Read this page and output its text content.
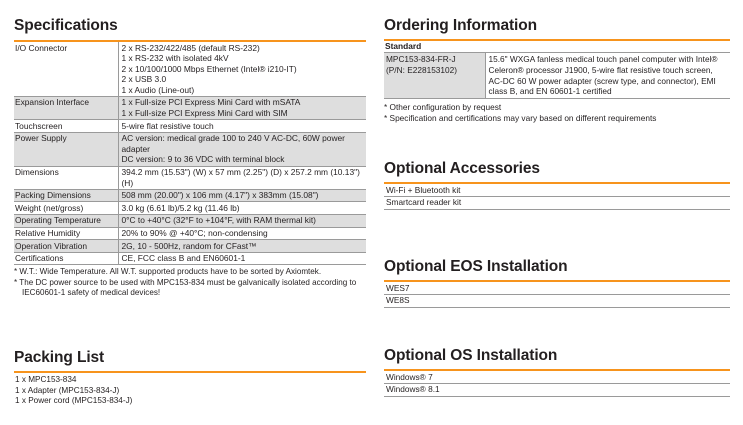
Specifications
I/O Connector	2 x RS-232/422/485 (default RS-232)
1 x RS-232 with isolated 4kV
2 x 10/100/1000 Mbps Ethernet (Intel® i210-IT)
2 x USB 3.0
1 x Audio (Line-out)

Expansion Interface	1 x Full-size PCI Express Mini Card with mSATA
1 x Full-size PCI Express Mini Card with SIM

Touchscreen	5-wire flat resistive touch

Power Supply	AC version: medical grade 100 to 240 V AC-DC, 60W power adapter
DC version: 9 to 36 VDC with terminal block

Dimensions	394.2 mm (15.53") (W) x 57 mm (2.25") (D) x 257.2 mm (10.13") (H)

Packing Dimensions	508 mm (20.00") x 106 mm (4.17") x 383mm (15.08")

Weight (net/gross)	3.0 kg (6.61 lb)/5.2 kg (11.46 lb)

Operating Temperature	0°C to +40°C (32°F to +104°F, with RAM thermal kit)

Relative Humidity	20% to 90% @ +40°C; non-condensing

Operation Vibration	2G, 10 - 500Hz, random for CFast™

Certifications	CE, FCC class B and EN60601-1
* W.T.: Wide Temperature. All W.T. supported products have to be sorted by Axiomtek.
* The DC power source to be used with MPC153-834 must be galvanically isolated according to IEC60601-1 safety of medical devices!
Packing List
1 x MPC153-834
1 x Adapter (MPC153-834-J)
1 x Power cord (MPC153-834-J)
Ordering Information
Standard
MPC153-834-FR-J
(P/N: E228153102)
	15.6" WXGA fanless medical touch panel computer with Intel® Celeron® processor J1900, 5-wire flat resistive touch screen, AC-DC 60 W power adapter (screw type, and connector), EMI class B, and EN 60601-1 certified
* Other configuration by request
* Specification and certifications may vary based on different requirements
Optional Accessories
Wi-Fi + Bluetooth kit
Smartcard reader kit
Optional EOS Installation
WES7
WE8S
Optional OS Installation
Windows® 7
Windows® 8.1
